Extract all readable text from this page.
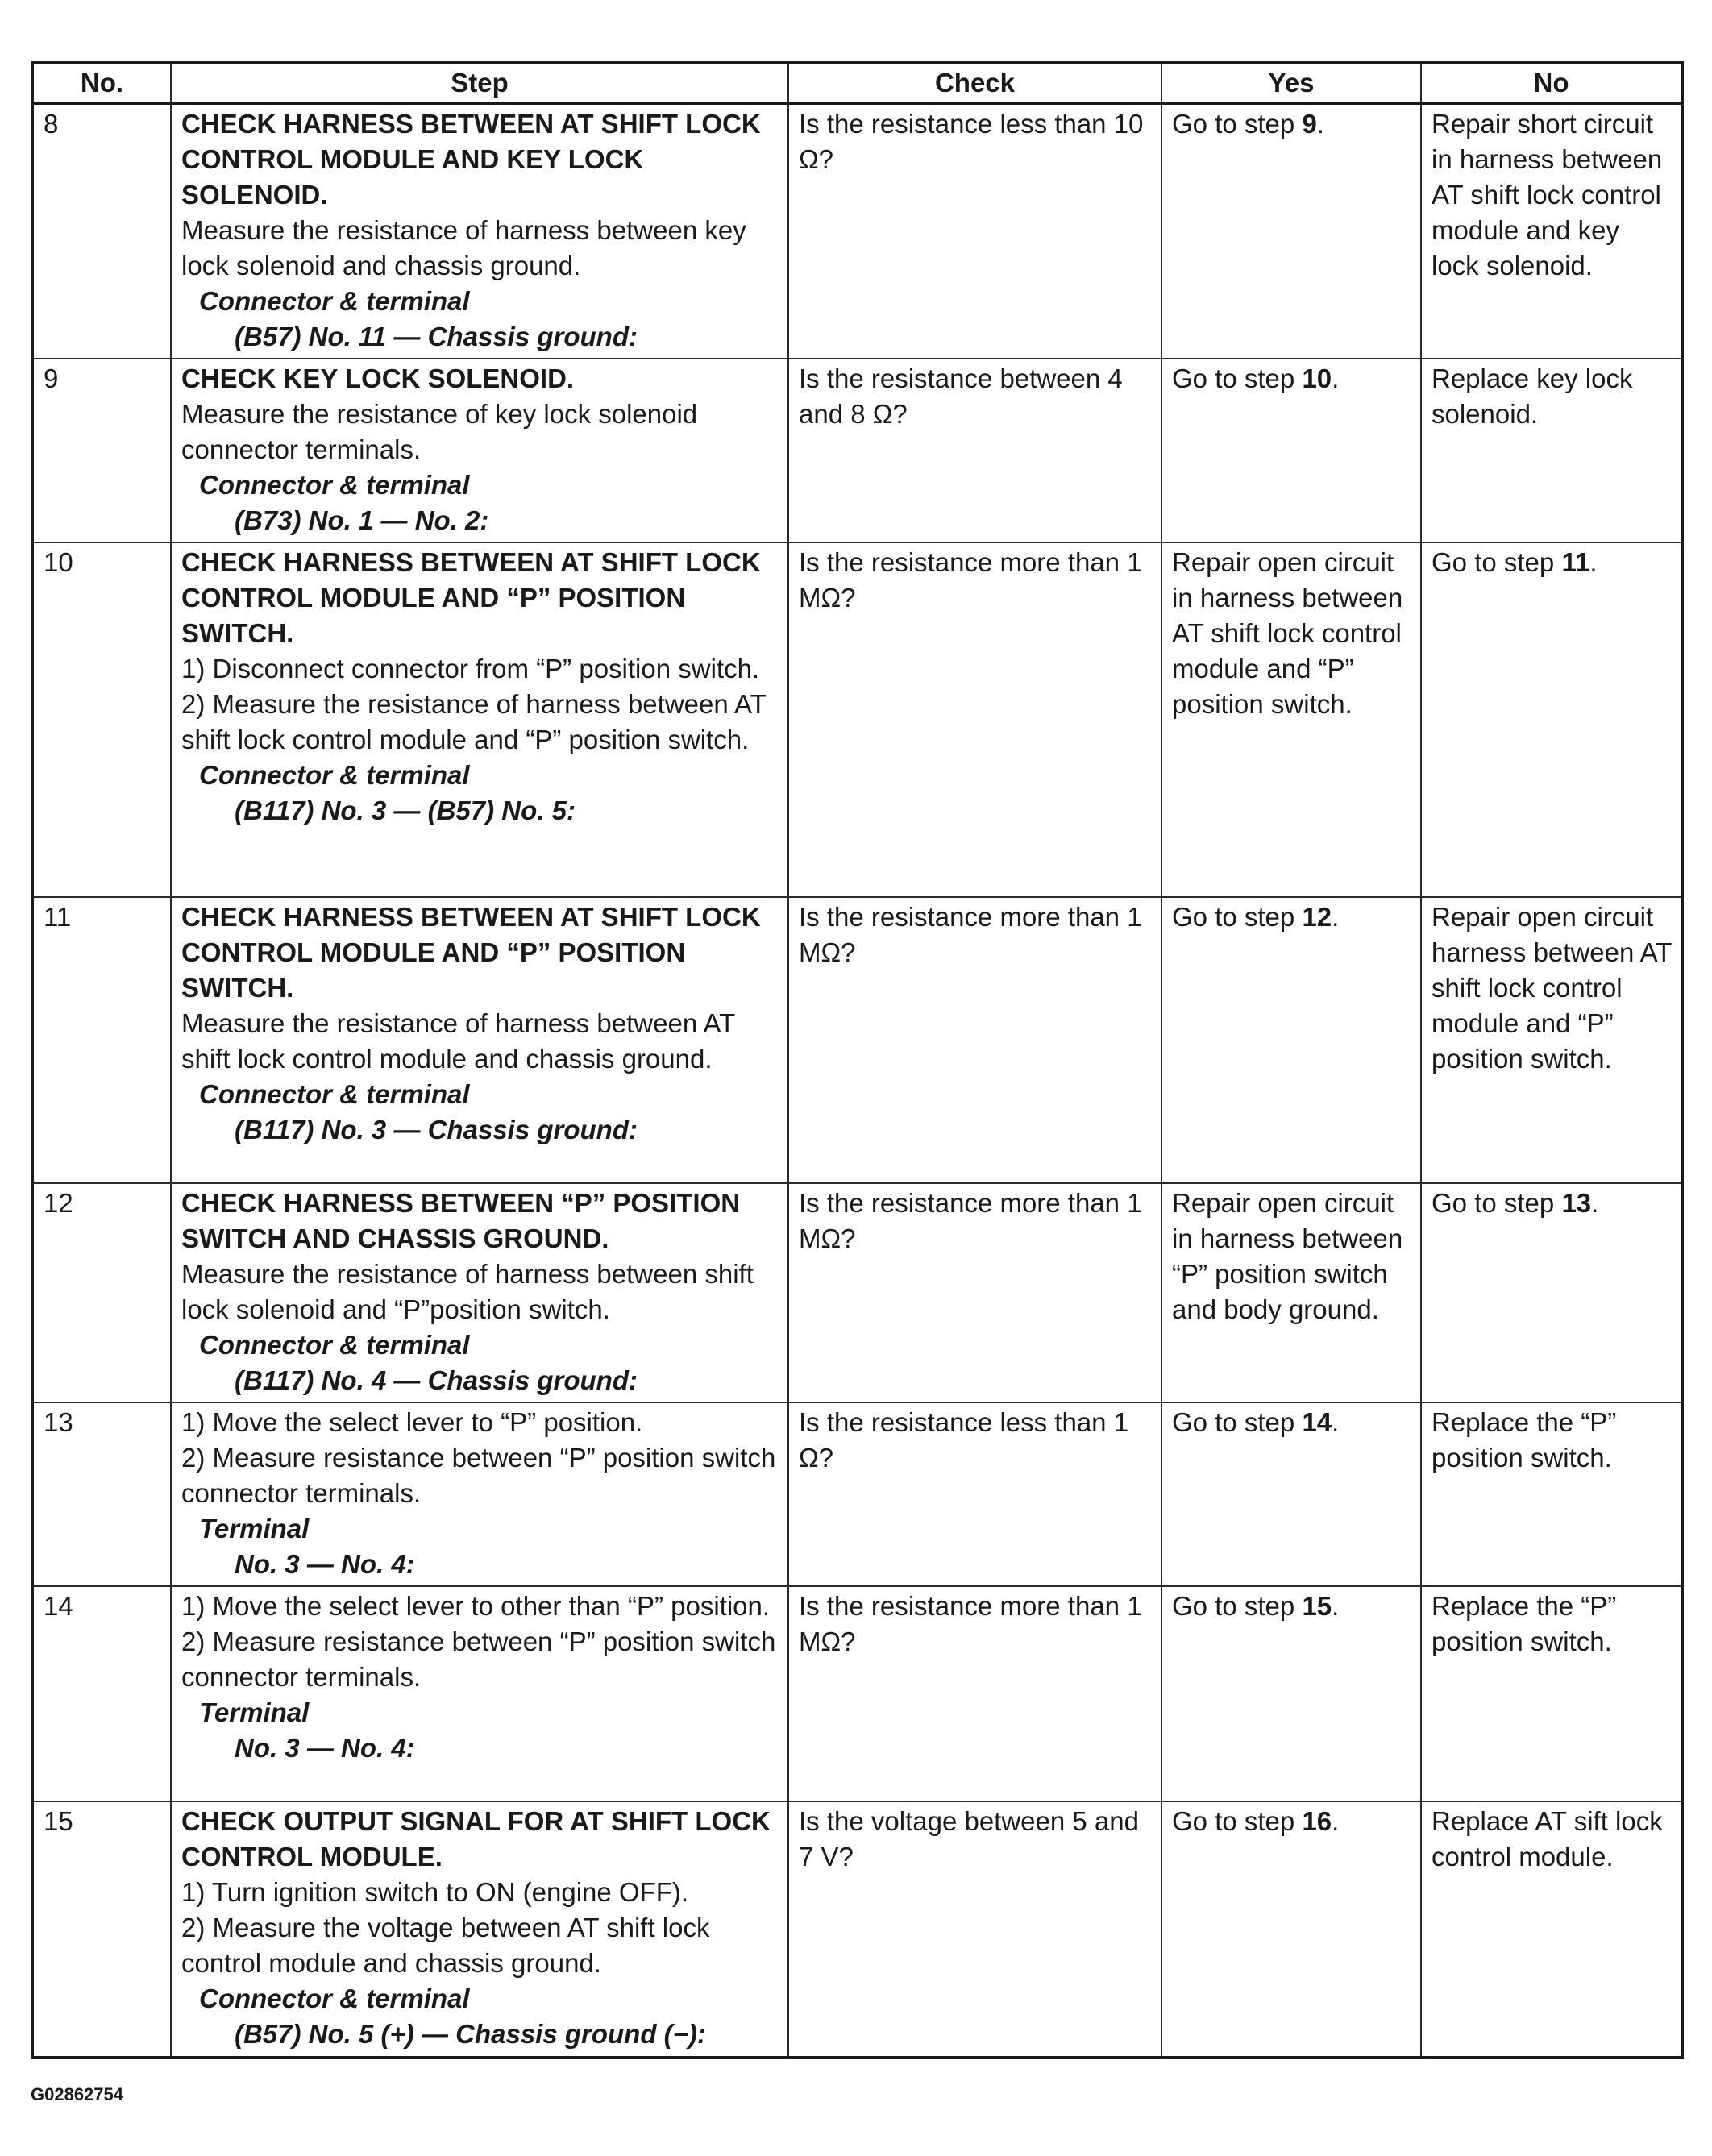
No.	Step	Check	Yes	No
8	CHECK HARNESS BETWEEN AT SHIFT LOCK CONTROL MODULE AND KEY LOCK SOLENOID.
Measure the resistance of harness between key lock solenoid and chassis ground.
Connector & terminal
(B57) No. 11 — Chassis ground:	Is the resistance less than 10 Ω?	Go to step 9.	Repair short circuit in harness between AT shift lock control module and key lock solenoid.
9	CHECK KEY LOCK SOLENOID.
Measure the resistance of key lock solenoid connector terminals.
Connector & terminal
(B73) No. 1 — No. 2:	Is the resistance between 4 and 8 Ω?	Go to step 10.	Replace key lock solenoid.
10	CHECK HARNESS BETWEEN AT SHIFT LOCK CONTROL MODULE AND “P” POSITION SWITCH.
1) Disconnect connector from “P” position switch.
2) Measure the resistance of harness between AT shift lock control module and “P” position switch.
Connector & terminal
(B117) No. 3 — (B57) No. 5:	Is the resistance more than 1 MΩ?	Repair open circuit in harness between AT shift lock control module and “P” position switch.	Go to step 11.
11	CHECK HARNESS BETWEEN AT SHIFT LOCK CONTROL MODULE AND “P” POSITION SWITCH.
Measure the resistance of harness between AT shift lock control module and chassis ground.
Connector & terminal
(B117) No. 3 — Chassis ground:	Is the resistance more than 1 MΩ?	Go to step 12.	Repair open circuit harness between AT shift lock control module and “P” position switch.
12	CHECK HARNESS BETWEEN “P” POSITION SWITCH AND CHASSIS GROUND.
Measure the resistance of harness between shift lock solenoid and “P”position switch.
Connector & terminal
(B117) No. 4 — Chassis ground:	Is the resistance more than 1 MΩ?	Repair open circuit in harness between “P” position switch and body ground.	Go to step 13.
13	1) Move the select lever to “P” position.
2) Measure resistance between “P” position switch connector terminals.
Terminal
No. 3 — No. 4:	Is the resistance less than 1 Ω?	Go to step 14.	Replace the “P” position switch.
14	1) Move the select lever to other than “P” position.
2) Measure resistance between “P” position switch connector terminals.
Terminal
No. 3 — No. 4:	Is the resistance more than 1 MΩ?	Go to step 15.	Replace the “P” position switch.
15	CHECK OUTPUT SIGNAL FOR AT SHIFT LOCK CONTROL MODULE.
1) Turn ignition switch to ON (engine OFF).
2) Measure the voltage between AT shift lock control module and chassis ground.
Connector & terminal
(B57) No. 5 (+) — Chassis ground (−):	Is the voltage between 5 and 7 V?	Go to step 16.	Replace AT sift lock control module.
G02862754
